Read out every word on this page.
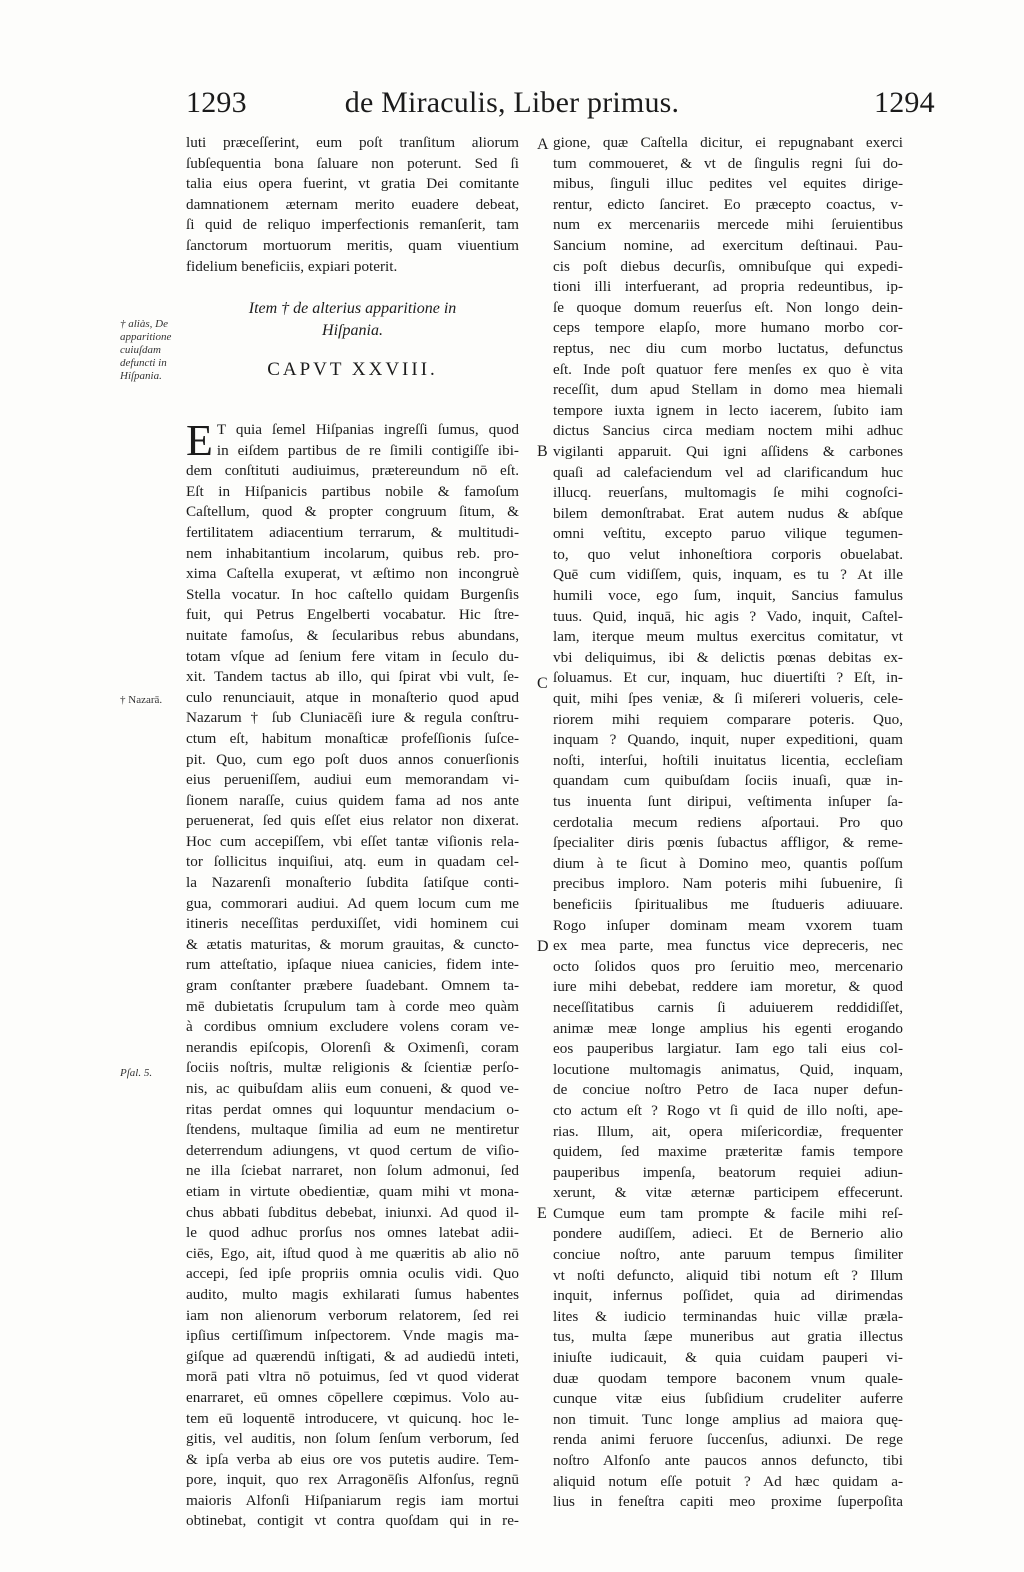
1293	de Miraculis, Liber primus.	1294
luti præceſſerint, eum poſt tranſitum aliorum
ſubſequentia bona ſaluare non poterunt. Sed ſi
talia eius opera fuerint, vt gratia Dei comitante
damnationem æternam merito euadere debeat,
ſi quid de reliquo imperfectionis remanſerit, tam
ſanctorum mortuorum meritis, quam viuentium
fidelium beneficiis, expiari poterit.
Item † de alterius apparitione in
Hiſpania.
CAPVT XXVIII.
E T quia ſemel Hiſpanias ingreſſi ſumus, quod
in eiſdem partibus de re ſimili contigiſſe ibi-
dem conſtituti audiuimus, prætereundum nō eſt.
Eſt in Hiſpanicis partibus nobile & famoſum
Caſtellum, quod & propter congruum ſitum, &
fertilitatem adiacentium terrarum, & multitudi-
nem inhabitantium incolarum, quibus reb. pro-
xima Caſtella exuperat, vt æſtimo non incongruè
Stella vocatur. In hoc caſtello quidam Burgenſis
fuit, qui Petrus Engelberti vocabatur. Hic ſtre-
nuitate famoſus, & ſecularibus rebus abundans,
totam vſque ad ſenium fere vitam in ſeculo du-
xit. Tandem tactus ab illo, qui ſpirat vbi vult, ſe-
culo renunciauit, atque in monaſterio quod apud
Nazarum † ſub Cluniacēſi iure & regula conſtru-
ctum eſt, habitum monaſticæ profeſſionis ſuſce-
pit. Quo, cum ego poſt duos annos conuerſionis
eius perueniſſem, audiui eum memorandam vi-
ſionem naraſſe, cuius quidem fama ad nos ante
peruenerat, ſed quis eſſet eius relator non dixerat.
Hoc cum accepiſſem, vbi eſſet tantæ viſionis rela-
tor ſollicitus inquiſiui, atq. eum in quadam cel-
la Nazarenſi monaſterio ſubdita ſatiſque conti-
gua, commorari audiui. Ad quem locum cum me
itineris neceſſitas perduxiſſet, vidi hominem cui
& ætatis maturitas, & morum grauitas, & cuncto-
rum atteſtatio, ipſaque niuea canicies, fidem inte-
gram conſtanter præbere ſuadebant. Omnem ta-
mē dubietatis ſcrupulum tam à corde meo quàm
à cordibus omnium excludere volens coram ve-
nerandis epiſcopis, Olorenſi & Oximenſi, coram
ſociis noſtris, multæ religionis & ſcientiæ perſo-
nis, ac quibuſdam aliis eum conueni, & quod ve-
ritas perdat omnes qui loquuntur mendacium o-
ſtendens, multaque ſimilia ad eum ne mentiretur
deterrendum adiungens, vt quod certum de viſio-
ne illa ſciebat narraret, non ſolum admonui, ſed
etiam in virtute obedientiæ, quam mihi vt mona-
chus abbati ſubditus debebat, iniunxi. Ad quod il-
le quod adhuc prorſus nos omnes latebat adii-
ciēs, Ego, ait, iſtud quod à me quæritis ab alio nō
accepi, ſed ipſe propriis omnia oculis vidi. Quo
audito, multo magis exhilarati ſumus habentes
iam non alienorum verborum relatorem, ſed rei
ipſius certiſſimum inſpectorem. Vnde magis ma-
giſque ad quærendū inſtigati, & ad audiedū inteti,
morā pati vltra nō potuimus, ſed vt quod viderat
enarraret, eū omnes cōpellere cœpimus. Volo au-
tem eū loquentē introducere, vt quicunq. hoc le-
gitis, vel auditis, non ſolum ſenſum verborum, ſed
& ipſa verba ab eius ore vos putetis audire. Tem-
pore, inquit, quo rex Arragonēſis Alfonſus, regnū
maioris Alfonſi Hiſpaniarum regis iam mortui
obtinebat, contigit vt contra quoſdam qui in re-
gione, quæ Caſtella dicitur, ei repugnabant exerci
tum commoueret, & vt de ſingulis regni ſui do-
mibus, ſinguli illuc pedites vel equites dirige-
rentur, edicto ſanciret. Eo præcepto coactus, v-
num ex mercenariis mercede mihi ſeruientibus
Sancium nomine, ad exercitum deſtinaui. Pau-
cis poſt diebus decurſis, omnibuſque qui expedi-
tioni illi interfuerant, ad propria redeuntibus, ip-
ſe quoque domum reuerſus eſt. Non longo dein-
ceps tempore elapſo, more humano morbo cor-
reptus, nec diu cum morbo luctatus, defunctus
eſt. Inde poſt quatuor fere menſes ex quo è vita
receſſit, dum apud Stellam in domo mea hiemali
tempore iuxta ignem in lecto iacerem, ſubito iam
dictus Sancius circa mediam noctem mihi adhuc
vigilanti apparuit. Qui igni aſſidens & carbones
quaſi ad calefaciendum vel ad clarificandum huc
illucq. reuerſans, multomagis ſe mihi cognoſci-
bilem demonſtrabat. Erat autem nudus & abſque
omni veſtitu, excepto paruo vilique tegumen-
to, quo velut inhoneſtiora corporis obuelabat.
Quē cum vidiſſem, quis, inquam, es tu ? At ille
humili voce, ego ſum, inquit, Sancius famulus
tuus. Quid, inquā, hic agis ? Vado, inquit, Caſtel-
lam, iterque meum multus exercitus comitatur, vt
vbi deliquimus, ibi & delictis pœnas debitas ex-
ſoluamus. Et cur, inquam, huc diuertiſti ? Eſt, in-
quit, mihi ſpes veniæ, & ſi miſereri volueris, cele-
riorem mihi requiem comparare poteris. Quo,
inquam ? Quando, inquit, nuper expeditioni, quam
noſti, interſui, hoſtili inuitatus licentia, eccleſiam
quandam cum quibuſdam ſociis inuaſi, quæ in-
tus inuenta ſunt diripui, veſtimenta inſuper ſa-
cerdotalia mecum rediens aſportaui. Pro quo
ſpecialiter diris pœnis ſubactus affligor, & reme-
dium à te ſicut à Domino meo, quantis poſſum
precibus imploro. Nam poteris mihi ſubuenire, ſi
beneficiis ſpiritualibus me ſtudueris adiuuare.
Rogo inſuper dominam meam vxorem tuam
ex mea parte, mea functus vice depreceris, nec
octo ſolidos quos pro ſeruitio meo, mercenario
iure mihi debebat, reddere iam moretur, & quod
neceſſitatibus carnis ſi aduiuerem reddidiſſet,
animæ meæ longe amplius his egenti erogando
eos pauperibus largiatur. Iam ego tali eius col-
locutione multomagis animatus, Quid, inquam,
de conciue noſtro Petro de Iaca nuper defun-
cto actum eſt ? Rogo vt ſi quid de illo noſti, ape-
rias. Illum, ait, opera miſericordiæ, frequenter
quidem, ſed maxime præteritæ famis tempore
pauperibus impenſa, beatorum requiei adiun-
xerunt, & vitæ æternæ participem effecerunt.
Cumque eum tam prompte & facile mihi reſ-
pondere audiſſem, adieci. Et de Bernerio alio
conciue noſtro, ante paruum tempus ſimiliter
vt noſti defuncto, aliquid tibi notum eſt ? Illum
inquit, infernus poſſidet, quia ad dirimendas
lites & iudicio terminandas huic villæ præla-
tus, multa ſæpe muneribus aut gratia illectus
iniuſte iudicauit, & quia cuidam pauperi vi-
duæ quodam tempore baconem vnum quale-
cunque vitæ eius ſubſidium crudeliter auferre
non timuit. Tunc longe amplius ad maiora quę-
renda animi feruore ſuccenſus, adiunxi. De rege
noſtro Alfonſo ante paucos annos defuncto, tibi
aliquid notum eſſe potuit ? Ad hæc quidam a-
lius in feneſtra capiti meo proxime ſuperpoſita
A
B
C
D
E
† aliàs, De apparitione cuiuſdam defuncti in Hiſpania.
† Nazarā.
Pſal. 5.
